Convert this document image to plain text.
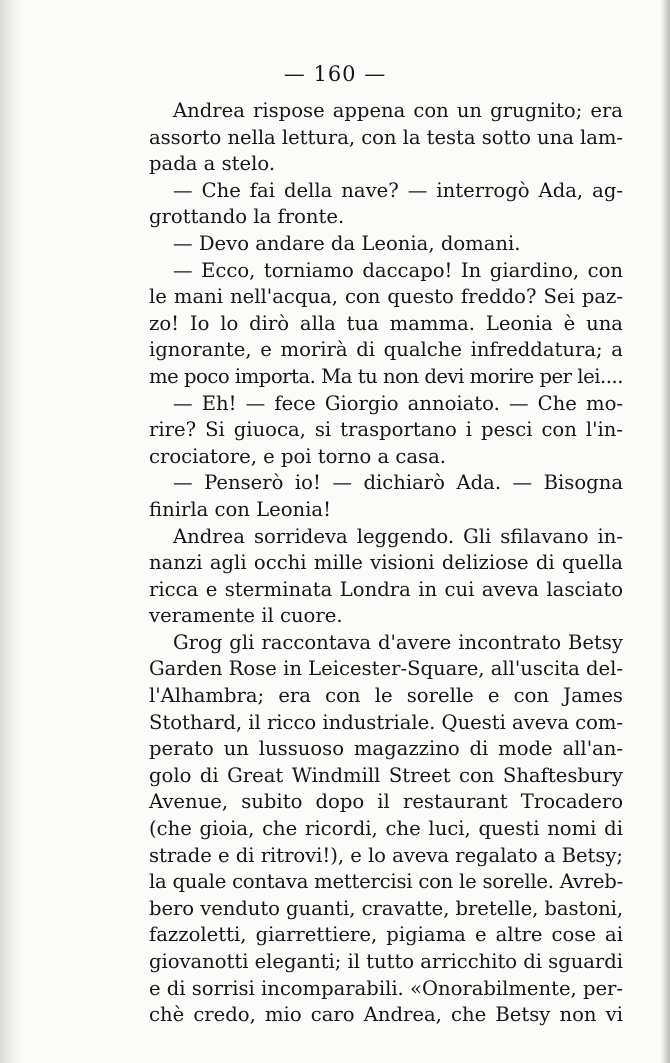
— 160 —
Andrea rispose appena con un grugnito; era
assorto nella lettura, con la testa sotto una lam-
pada a stelo.
— Che fai della nave? — interrogò Ada, ag-
grottando la fronte.
— Devo andare da Leonia, domani.
— Ecco, torniamo daccapo! In giardino, con
le mani nell'acqua, con questo freddo? Sei paz-
zo! Io lo dirò alla tua mamma. Leonia è una
ignorante, e morirà di qualche infreddatura; a
me poco importa. Ma tu non devi morire per lei....
— Eh! — fece Giorgio annoiato. — Che mo-
rire? Si giuoca, si trasportano i pesci con l'in-
crociatore, e poi torno a casa.
— Penserò io! — dichiarò Ada. — Bisogna
finirla con Leonia!
Andrea sorrideva leggendo. Gli sfilavano in-
nanzi agli occhi mille visioni deliziose di quella
ricca e sterminata Londra in cui aveva lasciato
veramente il cuore.
Grog gli raccontava d'avere incontrato Betsy
Garden Rose in Leicester-Square, all'uscita del-
l'Alhambra; era con le sorelle e con James
Stothard, il ricco industriale. Questi aveva com-
perato un lussuoso magazzino di mode all'an-
golo di Great Windmill Street con Shaftesbury
Avenue, subito dopo il restaurant Trocadero
(che gioia, che ricordi, che luci, questi nomi di
strade e di ritrovi!), e lo aveva regalato a Betsy;
la quale contava mettercisi con le sorelle. Avreb-
bero venduto guanti, cravatte, bretelle, bastoni,
fazzoletti, giarrettiere, pigiama e altre cose ai
giovanotti eleganti; il tutto arricchito di sguardi
e di sorrisi incomparabili. «Onorabilmente, per-
chè credo, mio caro Andrea, che Betsy non vi
